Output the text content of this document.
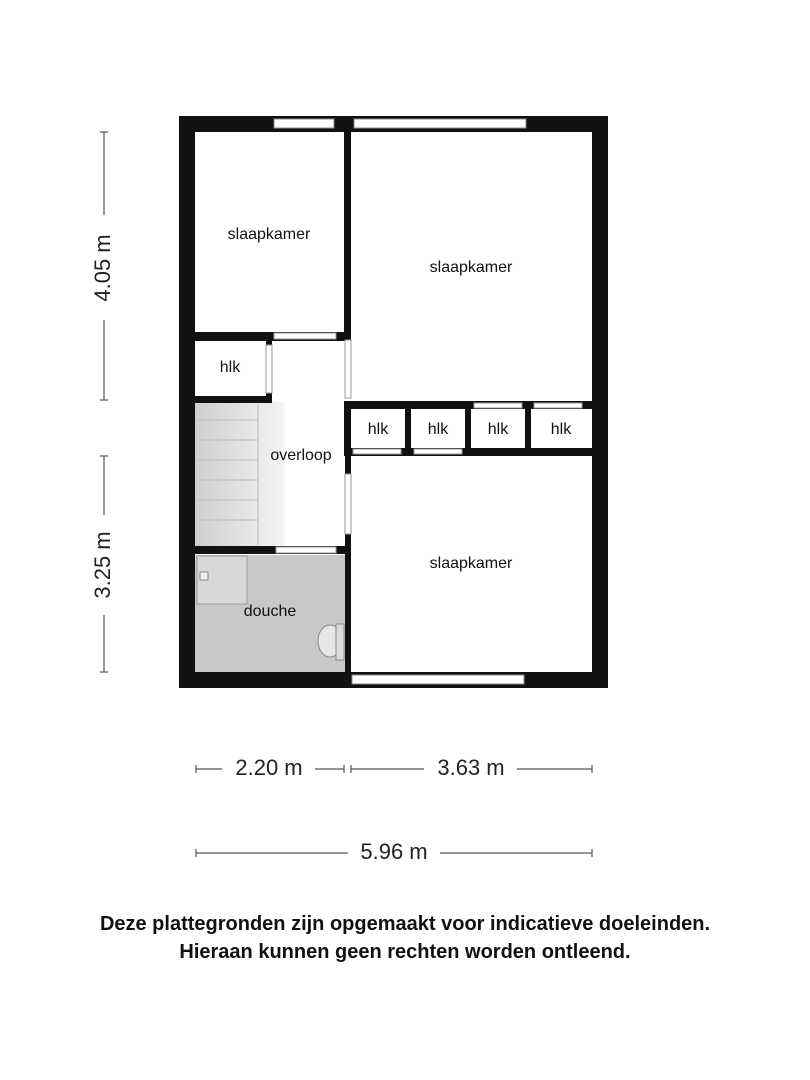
slaapkamer
slaapkamer
slaapkamer
overloop
douche
hlk
hlk hlk hlk	hlk
4.05 m
3.25 m
2.20 m	3.63 m
5.96 m
Deze plattegronden zijn opgemaakt voor indicatieve doeleinden.
Hieraan kunnen geen rechten worden ontleend.
